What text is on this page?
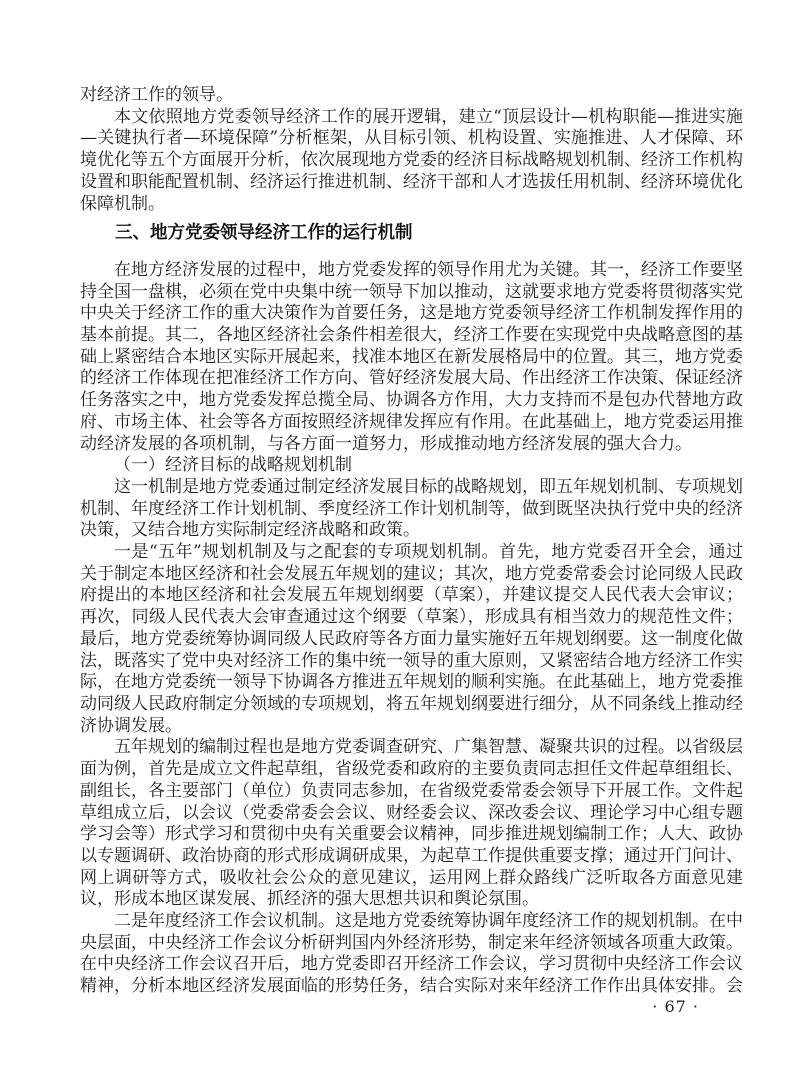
对经济工作的领导。

本文依照地方党委领导经济工作的展开逻辑，建立“顶层设计—机构职能—推进实施—关键执行者—环境保障”分析框架，从目标引领、机构设置、实施推进、人才保障、环境优化等五个方面展开分析，依次展现地方党委的经济目标战略规划机制、经济工作机构设置和职能配置机制、经济运行推进机制、经济干部和人才选拔任用机制、经济环境优化保障机制。

三、地方党委领导经济工作的运行机制

在地方经济发展的过程中，地方党委发挥的领导作用尤为关键。其一，经济工作要坚持全国一盘棋，必须在党中央集中统一领导下加以推动，这就要求地方党委将贯彻落实党中央关于经济工作的重大决策作为首要任务，这是地方党委领导经济工作机制发挥作用的基本前提。其二，各地区经济社会条件相差很大，经济工作要在实现党中央战略意图的基础上紧密结合本地区实际开展起来，找准本地区在新发展格局中的位置。其三，地方党委的经济工作体现在把准经济工作方向、管好经济发展大局、作出经济工作决策、保证经济任务落实之中，地方党委发挥总揽全局、协调各方作用，大力支持而不是包办代替地方政府、市场主体、社会等各方面按照经济规律发挥应有作用。在此基础上，地方党委运用推动经济发展的各项机制，与各方面一道努力，形成推动地方经济发展的强大合力。

（一）经济目标的战略规划机制

这一机制是地方党委通过制定经济发展目标的战略规划，即五年规划机制、专项规划机制、年度经济工作计划机制、季度经济工作计划机制等，做到既坚决执行党中央的经济决策，又结合地方实际制定经济战略和政策。

一是“五年”规划机制及与之配套的专项规划机制。首先，地方党委召开全会，通过关于制定本地区经济和社会发展五年规划的建议；其次，地方党委常委会讨论同级人民政府提出的本地区经济和社会发展五年规划纲要（草案），并建议提交人民代表大会审议；再次，同级人民代表大会审查通过这个纲要（草案），形成具有相当效力的规范性文件；最后，地方党委统筹协调同级人民政府等各方面力量实施好五年规划纲要。这一制度化做法，既落实了党中央对经济工作的集中统一领导的重大原则，又紧密结合地方经济工作实际，在地方党委统一领导下协调各方推进五年规划的顺利实施。在此基础上，地方党委推动同级人民政府制定分领域的专项规划，将五年规划纲要进行细分，从不同条线上推动经济协调发展。

五年规划的编制过程也是地方党委调查研究、广集智慧、凝聚共识的过程。以省级层面为例，首先是成立文件起草组，省级党委和政府的主要负责同志担任文件起草组组长、副组长，各主要部门（单位）负责同志参加，在省级党委常委会领导下开展工作。文件起草组成立后，以会议（党委常委会会议、财经委会议、深改委会议、理论学习中心组专题学习会等）形式学习和贯彻中央有关重要会议精神，同步推进规划编制工作；人大、政协以专题调研、政治协商的形式形成调研成果，为起草工作提供重要支撑；通过开门问计、网上调研等方式，吸收社会公众的意见建议，运用网上群众路线广泛听取各方面意见建议，形成本地区谋发展、抓经济的强大思想共识和舆论氛围。

二是年度经济工作会议机制。这是地方党委统筹协调年度经济工作的规划机制。在中央层面，中央经济工作会议分析研判国内外经济形势，制定来年经济领域各项重大政策。在中央经济工作会议召开后，地方党委即召开经济工作会议，学习贯彻中央经济工作会议精神，分析本地区经济发展面临的形势任务，结合实际对来年经济工作作出具体安排。会

· 67 ·
